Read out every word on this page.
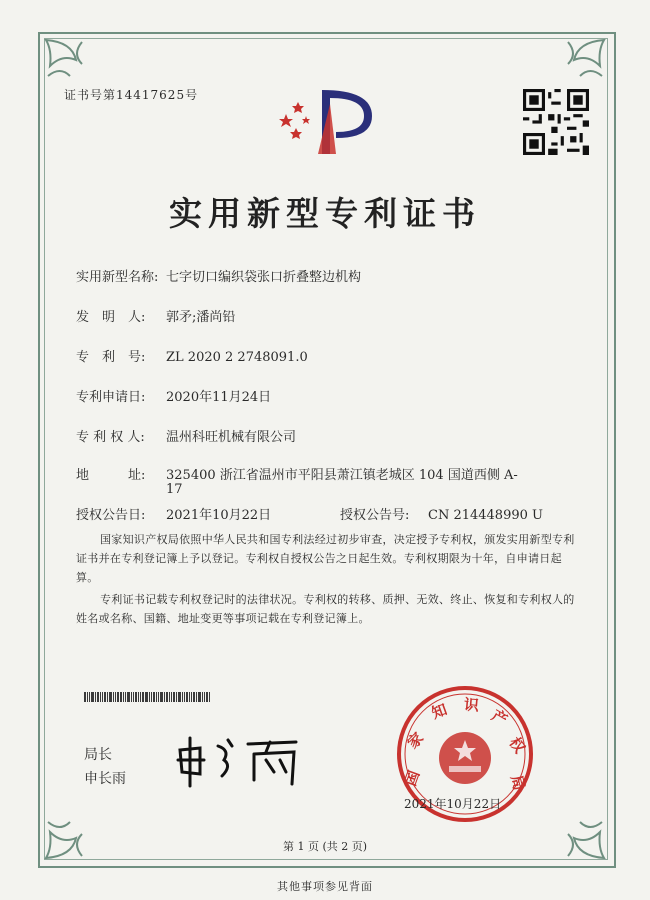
证书号第14417625号
实用新型专利证书
实用新型名称: 七字切口编织袋张口折叠整边机构
发　明　人: 郭矛;潘尚铅
专　利　号: ZL 2020 2 2748091.0
专利申请日: 2020年11月24日
专 利 权 人: 温州科旺机械有限公司
地　　　址: 325400 浙江省温州市平阳县萧江镇老城区 104 国道西侧 A-
17
授权公告日: 2021年10月22日	授权公告号: CN 214448990 U
国家知识产权局依照中华人民共和国专利法经过初步审查，决定授予专利权，颁发实用新型专利证书并在专利登记簿上予以登记。专利权自授权公告之日起生效。专利权期限为十年，自申请日起算。
专利证书记载专利权登记时的法律状况。专利权的转移、质押、无效、终止、恢复和专利权人的姓名或名称、国籍、地址变更等事项记载在专利登记簿上。
局长
申长雨	国
家
知 识
产
权
局
2021年10月22日
第 1 页 (共 2 页)
其他事项参见背面
